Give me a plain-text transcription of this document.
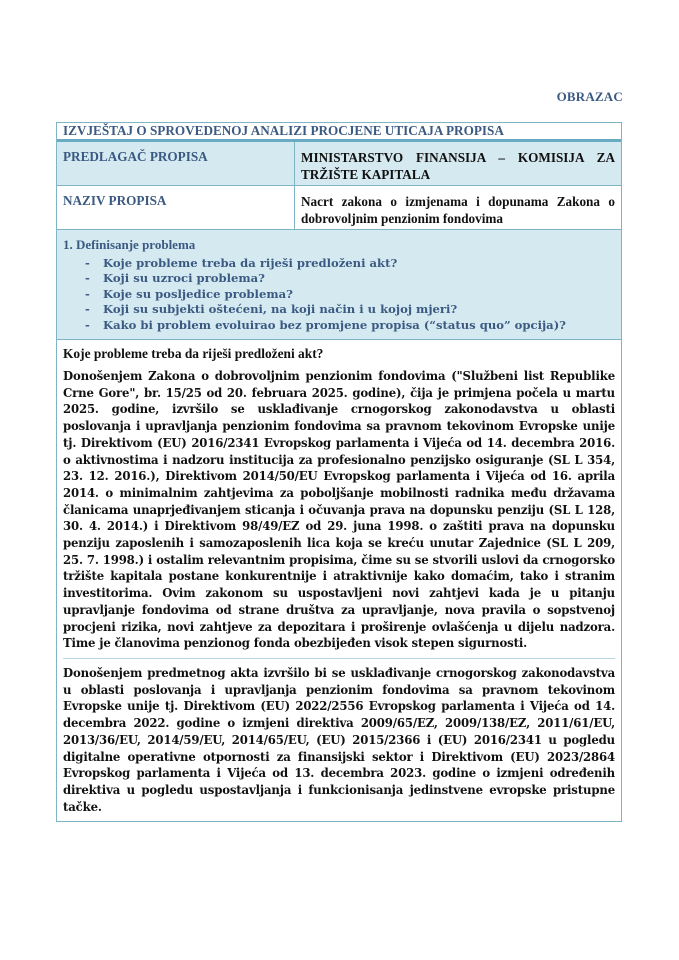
OBRAZAC
IZVJEŠTAJ O SPROVEDENOJ ANALIZI PROCJENE UTICAJA PROPISA
PREDLAGAČ PROPISA	MINISTARSTVO FINANSIJA – KOMISIJA ZA TRŽIŠTE KAPITALA
NAZIV PROPISA	Nacrt zakona o izmjenama i dopunama Zakona o dobrovoljnim penzionim fondovima
1. Definisanje problema
-	Koje probleme treba da riješi predloženi akt?
-	Koji su uzroci problema?
-	Koje su posljedice problema?
-	Koji su subjekti oštećeni, na koji način i u kojoj mjeri?
-	Kako bi problem evoluirao bez promjene propisa (“status quo” opcija)?

Koje probleme treba da riješi predloženi akt?

Donošenjem Zakona o dobrovoljnim penzionim fondovima ("Službeni list Republike Crne Gore", br. 15/25 od 20. februara 2025. godine), čija je primjena počela u martu 2025. godine, izvršilo se usklađivanje crnogorskog zakonodavstva u oblasti poslovanja i upravljanja penzionim fondovima sa pravnom tekovinom Evropske unije tj. Direktivom (EU) 2016/2341 Evropskog parlamenta i Vijeća od 14. decembra 2016. o aktivnostima i nadzoru institucija za profesionalno penzijsko osiguranje (SL L 354, 23. 12. 2016.), Direktivom 2014/50/EU Evropskog parlamenta i Vijeća od 16. aprila 2014. o minimalnim zahtjevima za poboljšanje mobilnosti radnika među državama članicama unaprjeđivanjem sticanja i očuvanja prava na dopunsku penziju (SL L 128, 30. 4. 2014.) i Direktivom 98/49/EZ od 29. juna 1998. o zaštiti prava na dopunsku penziju zaposlenih i samozaposlenih lica koja se kreću unutar Zajednice (SL L 209, 25. 7. 1998.) i ostalim relevantnim propisima, čime su se stvorili uslovi da crnogorsko tržište kapitala postane konkurentnije i atraktivnije kako domaćim, tako i stranim investitorima. Ovim zakonom su uspostavljeni novi zahtjevi kada je u pitanju upravljanje fondovima od strane društva za upravljanje, nova pravila o sopstvenoj procjeni rizika, novi zahtjeve za depozitara i proširenje ovlašćenja u dijelu nadzora. Time je članovima penzionog fonda obezbijeđen visok stepen sigurnosti.

Donošenjem predmetnog akta izvršilo bi se usklađivanje crnogorskog zakonodavstva u oblasti poslovanja i upravljanja penzionim fondovima sa pravnom tekovinom Evropske unije tj. Direktivom (EU) 2022/2556 Evropskog parlamenta i Vijeća od 14. decembra 2022. godine o izmjeni direktiva 2009/65/EZ, 2009/138/EZ, 2011/61/EU, 2013/36/EU, 2014/59/EU, 2014/65/EU, (EU) 2015/2366 i (EU) 2016/2341 u pogledu digitalne operativne otpornosti za finansijski sektor i Direktivom (EU) 2023/2864 Evropskog parlamenta i Vijeća od 13. decembra 2023. godine o izmjeni određenih direktiva u pogledu uspostavljanja i funkcionisanja jedinstvene evropske pristupne tačke.
